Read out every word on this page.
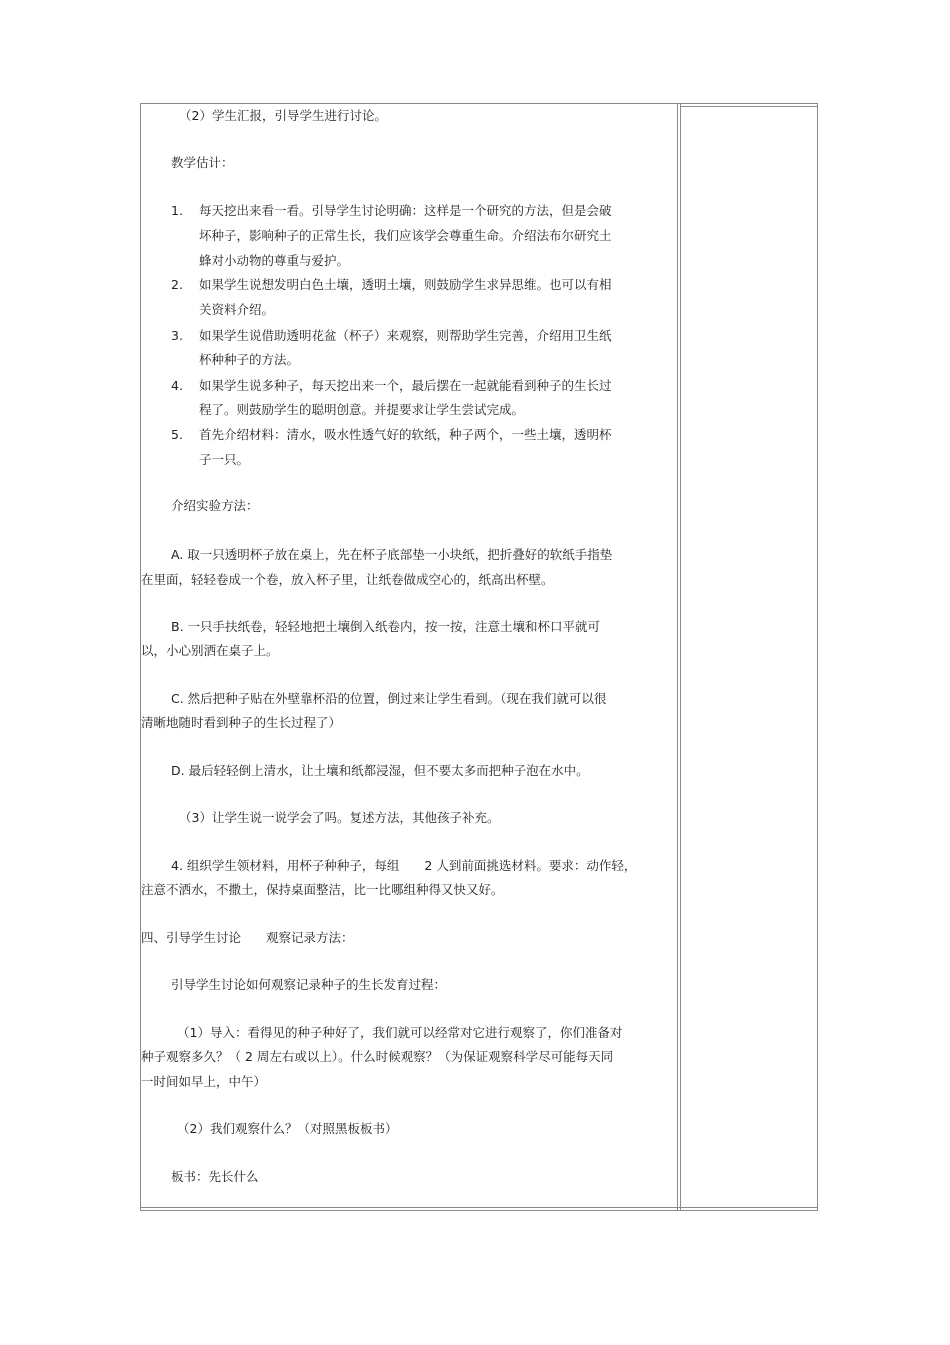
（2）学生汇报，引导学生进行讨论。
教学估计：
1. 每天挖出来看一看。引导学生讨论明确：这样是一个研究的方法，但是会破
坏种子，影响种子的正常生长，我们应该学会尊重生命。介绍法布尔研究土
蜂对小动物的尊重与爱护。
2. 如果学生说想发明白色土壤，透明土壤，则鼓励学生求异思维。也可以有相
关资料介绍。
3. 如果学生说借助透明花盆（杯子）来观察，则帮助学生完善，介绍用卫生纸
杯种种子的方法。
4. 如果学生说多种子，每天挖出来一个，最后摆在一起就能看到种子的生长过
程了。则鼓励学生的聪明创意。并提要求让学生尝试完成。
5. 首先介绍材料：清水，吸水性透气好的软纸，种子两个，一些土壤，透明杯
子一只。
介绍实验方法：
A. 取一只透明杯子放在桌上，先在杯子底部垫一小块纸，把折叠好的软纸手指垫
在里面，轻轻卷成一个卷，放入杯子里，让纸卷做成空心的，纸高出杯壁。
B. 一只手扶纸卷，轻轻地把土壤倒入纸卷内，按一按，注意土壤和杯口平就可
以，小心别洒在桌子上。
C. 然后把种子贴在外壁靠杯沿的位置，倒过来让学生看到。（现在我们就可以很
清晰地随时看到种子的生长过程了）
D. 最后轻轻倒上清水，让土壤和纸都浸湿，但不要太多而把种子泡在水中。
（3）让学生说一说学会了吗。复述方法，其他孩子补充。
4. 组织学生领材料，用杯子种种子，每组　　2 人到前面挑选材料。要求：动作轻，
注意不洒水，不撒土，保持桌面整洁，比一比哪组种得又快又好。
四、引导学生讨论　　观察记录方法：
引导学生讨论如何观察记录种子的生长发育过程：
（1）导入：看得见的种子种好了，我们就可以经常对它进行观察了，你们准备对
种子观察多久？（ 2 周左右或以上）。什么时候观察？（为保证观察科学尽可能每天同
一时间如早上，中午）
（2）我们观察什么？（对照黑板板书）
板书：先长什么
